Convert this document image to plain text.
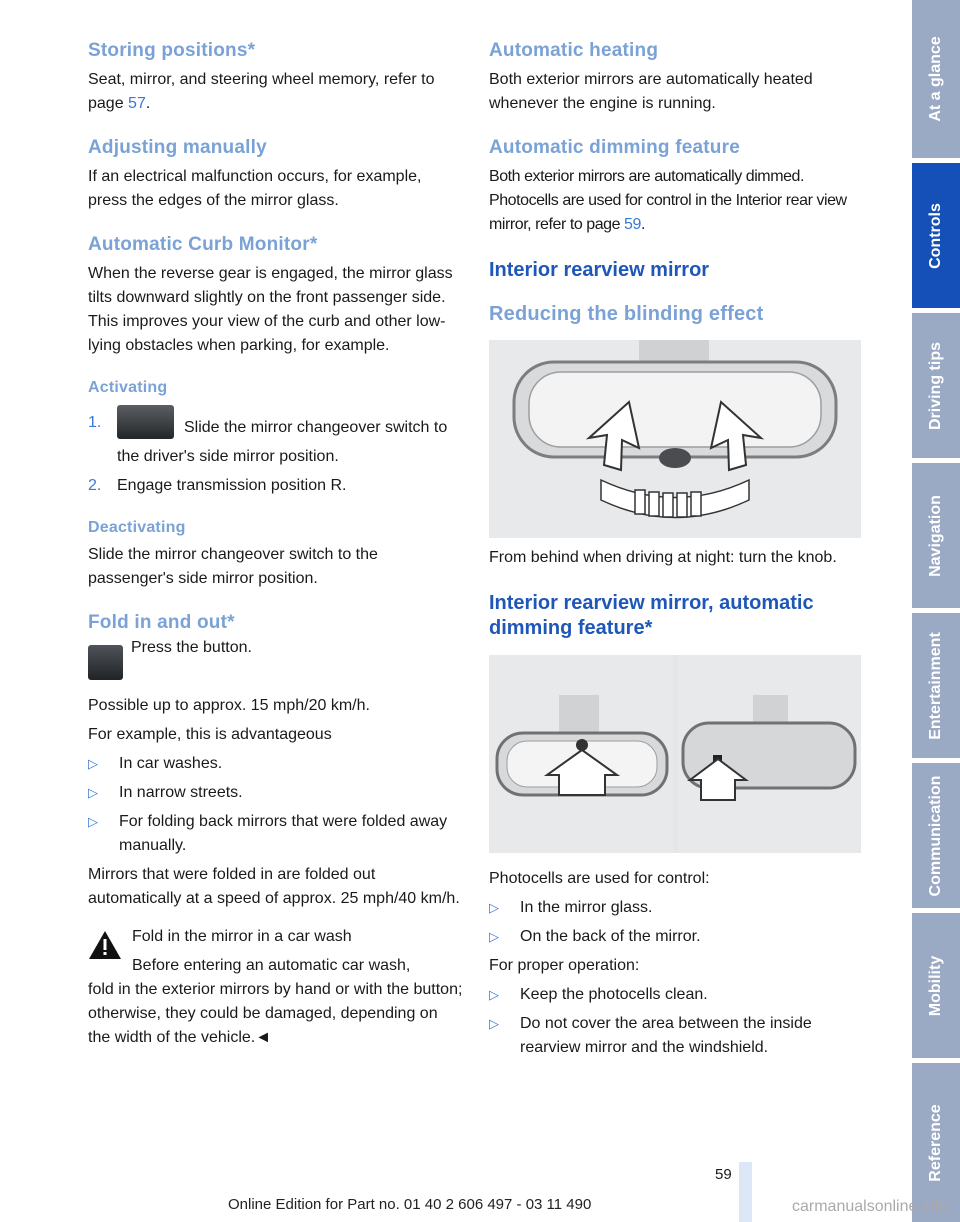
Storing positions*

Seat, mirror, and steering wheel memory, refer to page 57.

Adjusting manually

If an electrical malfunction occurs, for example, press the edges of the mirror glass.

Automatic Curb Monitor*

When the reverse gear is engaged, the mirror glass tilts downward slightly on the front passenger side. This improves your view of the curb and other low-lying obstacles when parking, for example.

Activating
1.	Slide the mirror changeover switch to the driver's side mirror position.
2. Engage transmission position R.
Deactivating

Slide the mirror changeover switch to the passenger's side mirror position.

Fold in and out*

Press the button.

Possible up to approx. 15 mph/20 km/h.

For example, this is advantageous

▷	In car washes.
▷	In narrow streets.
▷	For folding back mirrors that were folded away manually.

Mirrors that were folded in are folded out automatically at a speed of approx. 25 mph/40 km/h.

Fold in the mirror in a car wash

Before entering an automatic car wash,

fold in the exterior mirrors by hand or with the button; otherwise, they could be damaged, depending on the width of the vehicle.◄

Automatic heating

Both exterior mirrors are automatically heated whenever the engine is running.

Automatic dimming feature

Both exterior mirrors are automatically dimmed. Photocells are used for control in the Interior rear view mirror, refer to page 59.

Interior rearview mirror
Reducing the blinding effect

From behind when driving at night: turn the knob.

Interior rearview mirror, automatic dimming feature*

Photocells are used for control:

▷	In the mirror glass.
▷	On the back of the mirror.

For proper operation:

▷	Keep the photocells clean.
▷	Do not cover the area between the inside rearview mirror and the windshield.
At a glance
Controls
Driving tips
Navigation
Entertainment
Communication
Mobility
Reference
59
Online Edition for Part no. 01 40 2 606 497 - 03 11 490	carmanualsonline.info
